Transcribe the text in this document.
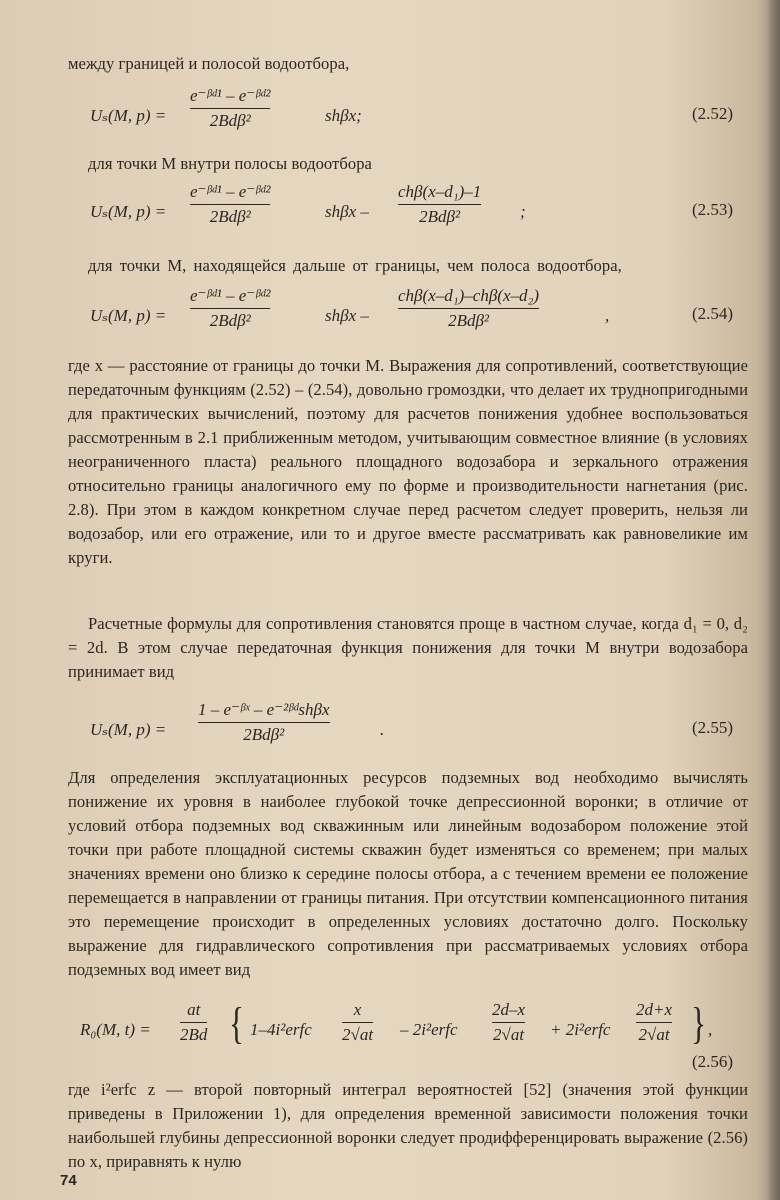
между границей и полосой водоотбора,
Uₛ(M, p) =
e⁻ᵝᵈ¹ – e⁻ᵝᵈ²
2Bdβ²	shβx;	(2.52)
для точки M внутри полосы водоотбора
Uₛ(M, p) =
e⁻ᵝᵈ¹ – e⁻ᵝᵈ²
2Bdβ²	shβx –
chβ(x–d₁)–1
2Bdβ²	;	(2.53)
для точки M, находящейся дальше от границы, чем полоса водоотбора,
Uₛ(M, p) =
e⁻ᵝᵈ¹ – e⁻ᵝᵈ²
2Bdβ²	shβx –
chβ(x–d₁)–chβ(x–d₂)
2Bdβ²	,	(2.54)
где x — расстояние от границы до точки M. Выражения для сопротивлений, соответствующие передаточным функциям (2.52) – (2.54), довольно громоздки, что делает их труднопригодными для практических вычислений, поэтому для расчетов понижения удобнее воспользоваться рассмотренным в 2.1 приближенным методом, учитывающим совместное влияние (в условиях неограниченного пласта) реального площадного водозабора и зеркального отражения относительно границы аналогичного ему по форме и производительности нагнетания (рис. 2.8). При этом в каждом конкретном случае перед расчетом следует проверить, нельзя ли водозабор, или его отражение, или то и другое вместе рассматривать как равновеликие им круги.
Расчетные формулы для сопротивления становятся проще в частном случае, когда d₁ = 0, d₂ = 2d. В этом случае передаточная функция понижения для точки M внутри водозабора принимает вид
Uₛ(M, p) =
1 – e⁻ᵝˣ – e⁻²ᵝᵈshβx
2Bdβ²	.	(2.55)
Для определения эксплуатационных ресурсов подземных вод необходимо вычислять понижение их уровня в наиболее глубокой точке депрессионной воронки; в отличие от условий отбора подземных вод скважинным или линейным водозабором положение этой точки при работе площадной системы скважин будет изменяться со временем; при малых значениях времени оно близко к середине полосы отбора, а с течением времени ее положение перемещается в направлении от границы питания. При отсутствии компенсационного питания это перемещение происходит в определенных условиях достаточно долго. Поскольку выражение для гидравлического сопротивления при рассматриваемых условиях отбора подземных вод имеет вид
R₀(M, t) =
at
2Bd { 1–4i²erfc
x
2√at – 2i²erfc
2d–x
2√at + 2i²erfc
2d+x
2√at } ,
(2.56)
где i²erfc z — второй повторный интеграл вероятностей [52] (значения этой функции приведены в Приложении 1), для определения временной зависимости положения точки наибольшей глубины депрессионной воронки следует продифференцировать выражение (2.56) по x, приравнять к нулю
74
